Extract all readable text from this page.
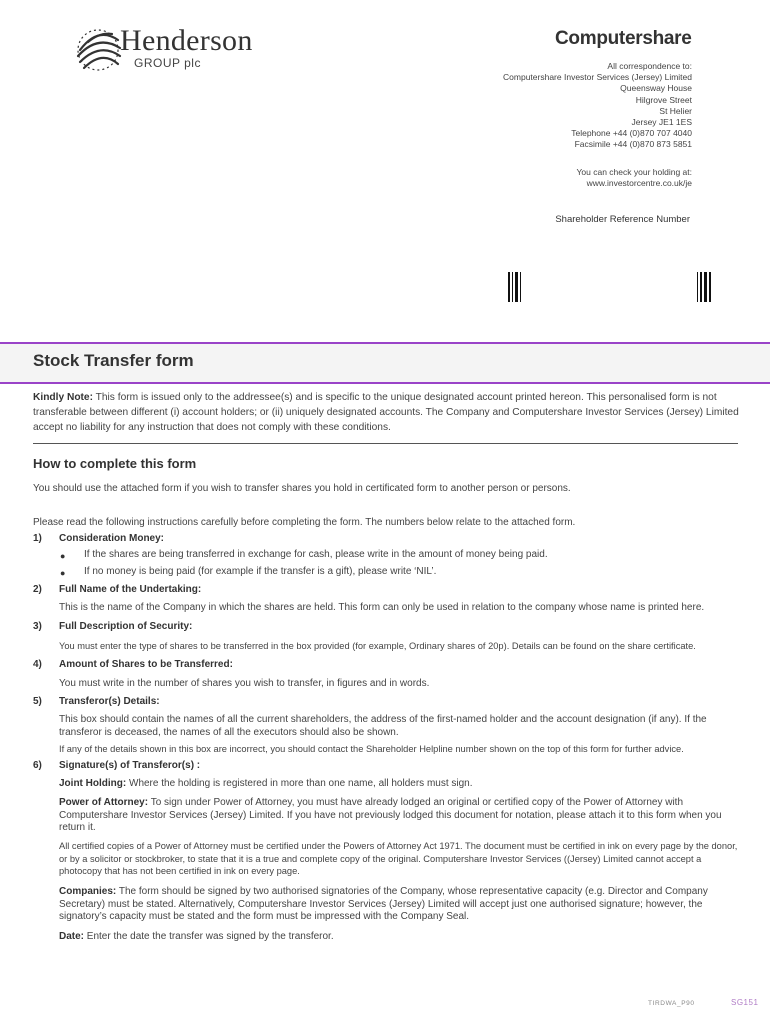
Henderson
GROUP plc
Computershare
All correspondence to:
Computershare Investor Services (Jersey) Limited
Queensway House
Hilgrove Street
St Helier
Jersey JE1 1ES
Telephone +44 (0)870 707 4040
Facsimile +44 (0)870 873 5851
You can check your holding at:
www.investorcentre.co.uk/je
Shareholder Reference Number
Stock Transfer form
Kindly Note: This form is issued only to the addressee(s) and is specific to the unique designated account printed hereon. This personalised form is not transferable between different (i) account holders; or (ii) uniquely designated accounts. The Company and Computershare Investor Services (Jersey) Limited accept no liability for any instruction that does not comply with these conditions.
How to complete this form
You should use the attached form if you wish to transfer shares you hold in certificated form to another person or persons.
Please read the following instructions carefully before completing the form. The numbers below relate to the attached form.
1) Consideration Money:
● If the shares are being transferred in exchange for cash, please write in the amount of money being paid.
● If no money is being paid (for example if the transfer is a gift), please write ‘NIL’.
2) Full Name of the Undertaking:
This is the name of the Company in which the shares are held. This form can only be used in relation to the company whose name is printed here.
3) Full Description of Security:
You must enter the type of shares to be transferred in the box provided (for example, Ordinary shares of 20p). Details can be found on the share certificate.
4) Amount of Shares to be Transferred:
You must write in the number of shares you wish to transfer, in figures and in words.
5) Transferor(s) Details:
This box should contain the names of all the current shareholders, the address of the first-named holder and the account designation (if any). If the transferor is deceased, the names of all the executors should also be shown.
If any of the details shown in this box are incorrect, you should contact the Shareholder Helpline number shown on the top of this form for further advice.
6) Signature(s) of Transferor(s) :
Joint Holding: Where the holding is registered in more than one name, all holders must sign.
Power of Attorney: To sign under Power of Attorney, you must have already lodged an original or certified copy of the Power of Attorney with Computershare Investor Services (Jersey) Limited. If you have not previously lodged this document for notation, please attach it to this form when you return it.
All certified copies of a Power of Attorney must be certified under the Powers of Attorney Act 1971. The document must be certified in ink on every page by the donor, or by a solicitor or stockbroker, to state that it is a true and complete copy of the original. Computershare Investor Services ((Jersey) Limited cannot accept a photocopy that has not been certified in ink on every page.
Companies: The form should be signed by two authorised signatories of the Company, whose representative capacity (e.g. Director and Company Secretary) must be stated. Alternatively, Computershare Investor Services (Jersey) Limited will accept just one authorised signature; however, the signatory’s capacity must be stated and the form must be impressed with the Company Seal.
Date: Enter the date the transfer was signed by the transferor.
TIRDWA_P90	SG151
